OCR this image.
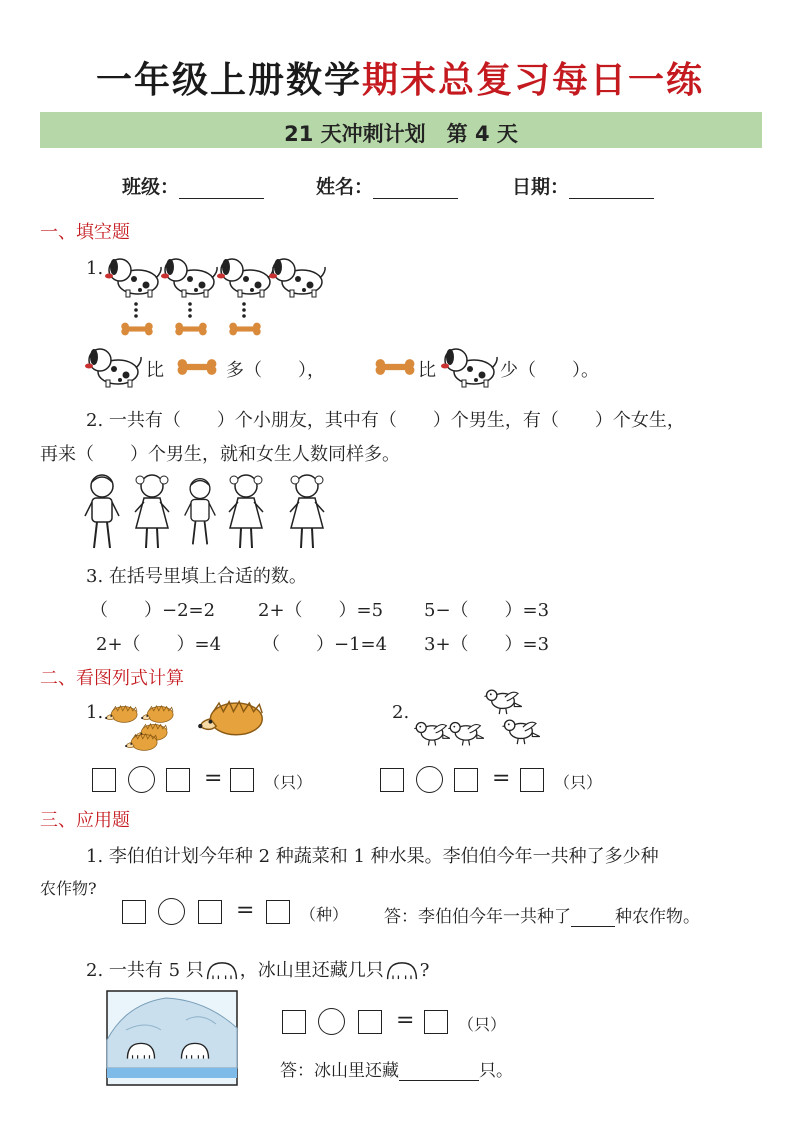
一年级上册数学期末总复习每日一练
21 天冲刺计划　第 4 天
班级：	姓名：	日期：
一、填空题
1.
比	多（　　），	比	少（　　）。
2. 一共有（　　）个小朋友，其中有（　　）个男生，有（　　）个女生，
再来（　　）个男生，就和女生人数同样多。
3. 在括号里填上合适的数。
（　　）−2=2 2+（　　）=5 5−（　　）=3
2+（　　）=4 （　　）−1=4 3+（　　）=3
二、看图列式计算
1.	2.
=	（只）	=	（只）
三、应用题
1. 李伯伯计划今年种 2 种蔬菜和 1 种水果。李伯伯今年一共种了多少种
农作物?
=	（种） 答：李伯伯今年一共种了	种农作物。
2. 一共有 5 只 ，冰山里还藏几只 ?
=	（只）
答：冰山里还藏	只。
